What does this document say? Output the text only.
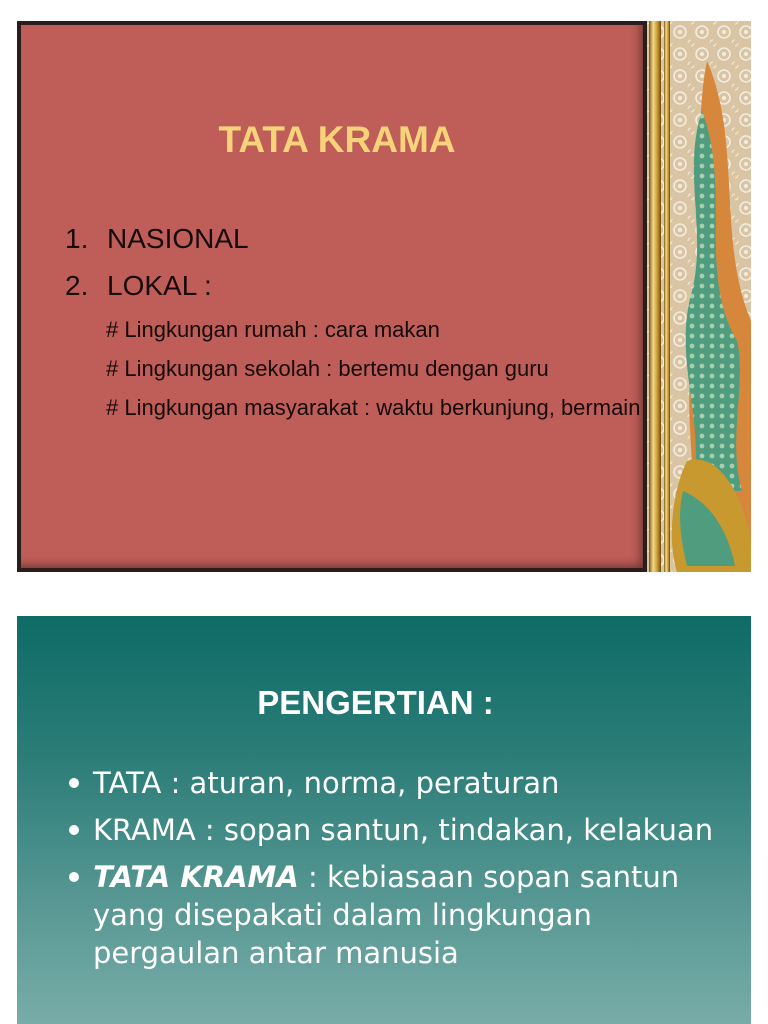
TATA KRAMA
1. NASIONAL
2. LOKAL :
# Lingkungan rumah : cara makan
# Lingkungan sekolah : bertemu dengan guru
# Lingkungan masyarakat : waktu berkunjung, bermain
PENGERTIAN :
TATA : aturan, norma, peraturan
KRAMA : sopan santun, tindakan, kelakuan
TATA KRAMA : kebiasaan sopan santun yang disepakati dalam lingkungan pergaulan antar manusia
